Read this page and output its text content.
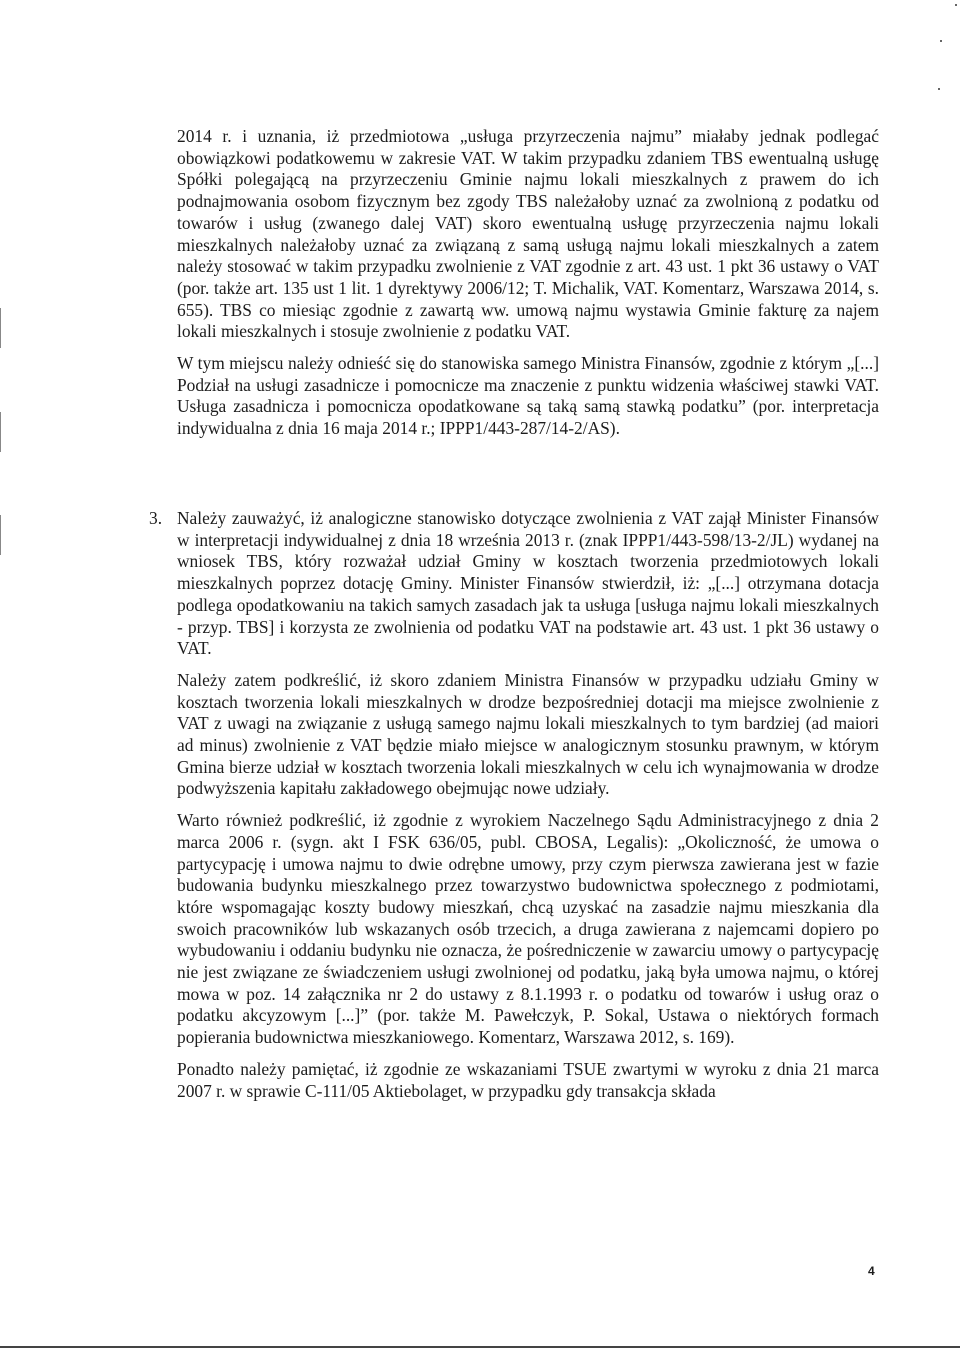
2014 r. i uznania, iż przedmiotowa „usługa przyrzeczenia najmu” miałaby jednak podlegać obowiązkowi podatkowemu w zakresie VAT. W takim przypadku zdaniem TBS ewentualną usługę Spółki polegającą na przyrzeczeniu Gminie najmu lokali mieszkalnych z prawem do ich podnajmowania osobom fizycznym bez zgody TBS należałoby uznać za zwolnioną z podatku od towarów i usług (zwanego dalej VAT) skoro ewentualną usługę przyrzeczenia najmu lokali mieszkalnych należałoby uznać za związaną z samą usługą najmu lokali mieszkalnych a zatem należy stosować w takim przypadku zwolnienie z VAT zgodnie z art. 43 ust. 1 pkt 36 ustawy o VAT (por. także art. 135 ust 1 lit. 1 dyrektywy 2006/12; T. Michalik, VAT. Komentarz, Warszawa 2014, s. 655). TBS co miesiąc zgodnie z zawartą ww. umową najmu wystawia Gminie fakturę za najem lokali mieszkalnych i stosuje zwolnienie z podatku VAT.

W tym miejscu należy odnieść się do stanowiska samego Ministra Finansów, zgodnie z którym „[...] Podział na usługi zasadnicze i pomocnicze ma znaczenie z punktu widzenia właściwej stawki VAT. Usługa zasadnicza i pomocnicza opodatkowane są taką samą stawką podatku” (por. interpretacja indywidualna z dnia 16 maja 2014 r.; IPPP1/443-287/14-2/AS).

3. Należy zauważyć, iż analogiczne stanowisko dotyczące zwolnienia z VAT zajął Minister Finansów w interpretacji indywidualnej z dnia 18 września 2013 r. (znak IPPP1/443-598/13-2/JL) wydanej na wniosek TBS, który rozważał udział Gminy w kosztach tworzenia przedmiotowych lokali mieszkalnych poprzez dotację Gminy. Minister Finansów stwierdził, iż: „[...] otrzymana dotacja podlega opodatkowaniu na takich samych zasadach jak ta usługa [usługa najmu lokali mieszkalnych - przyp. TBS] i korzysta ze zwolnienia od podatku VAT na podstawie art. 43 ust. 1 pkt 36 ustawy o VAT.

Należy zatem podkreślić, iż skoro zdaniem Ministra Finansów w przypadku udziału Gminy w kosztach tworzenia lokali mieszkalnych w drodze bezpośredniej dotacji ma miejsce zwolnienie z VAT z uwagi na związanie z usługą samego najmu lokali mieszkalnych to tym bardziej (ad maiori ad minus) zwolnienie z VAT będzie miało miejsce w analogicznym stosunku prawnym, w którym Gmina bierze udział w kosztach tworzenia lokali mieszkalnych w celu ich wynajmowania w drodze podwyższenia kapitału zakładowego obejmując nowe udziały.

Warto również podkreślić, iż zgodnie z wyrokiem Naczelnego Sądu Administracyjnego z dnia 2 marca 2006 r. (sygn. akt I FSK 636/05, publ. CBOSA, Legalis): „Okoliczność, że umowa o partycypację i umowa najmu to dwie odrębne umowy, przy czym pierwsza zawierana jest w fazie budowania budynku mieszkalnego przez towarzystwo budownictwa społecznego z podmiotami, które wspomagając koszty budowy mieszkań, chcą uzyskać na zasadzie najmu mieszkania dla swoich pracowników lub wskazanych osób trzecich, a druga zawierana z najemcami dopiero po wybudowaniu i oddaniu budynku nie oznacza, że pośredniczenie w zawarciu umowy o partycypację nie jest związane ze świadczeniem usługi zwolnionej od podatku, jaką była umowa najmu, o której mowa w poz. 14 załącznika nr 2 do ustawy z 8.1.1993 r. o podatku od towarów i usług oraz o podatku akcyzowym [...]” (por. także M. Pawełczyk, P. Sokal, Ustawa o niektórych formach popierania budownictwa mieszkaniowego. Komentarz, Warszawa 2012, s. 169).

Ponadto należy pamiętać, iż zgodnie ze wskazaniami TSUE zwartymi w wyroku z dnia 21 marca 2007 r. w sprawie C-111/05 Aktiebolaget, w przypadku gdy transakcja składa

4
